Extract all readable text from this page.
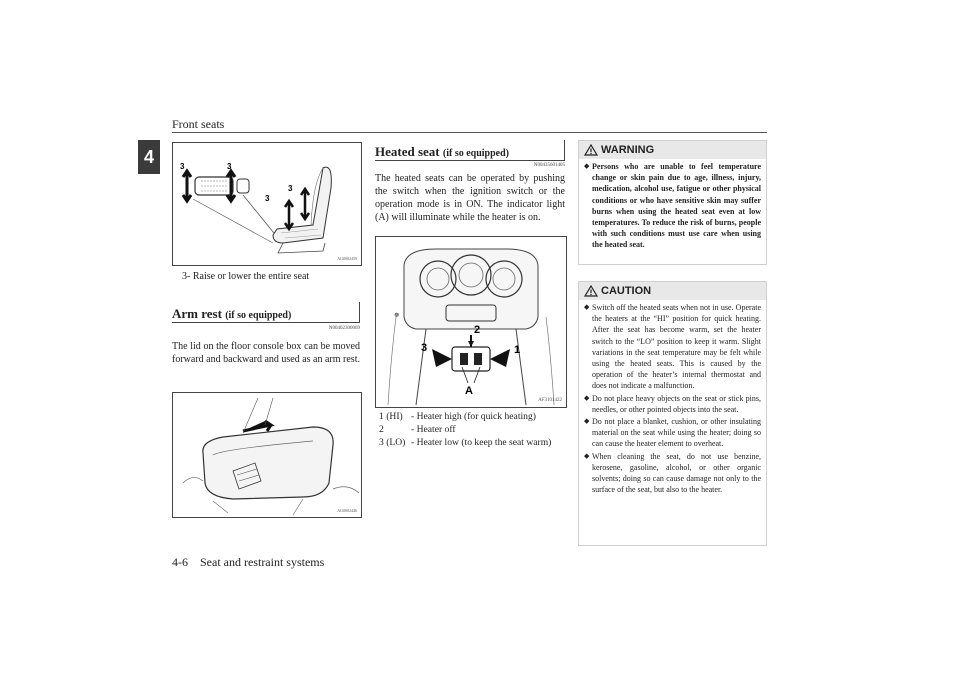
Front seats
4
4-6 Seat and restraint systems
3	3
3
3
AG0002459
3- Raise or lower the entire seat
Arm rest (if so equipped)
N00402300069
The lid on the floor console box can be moved forward and backward and used as an arm rest.
AG0002446
Heated seat (if so equipped)
N00435601405
The heated seats can be operated by pushing the switch when the ignition switch or the operation mode is in ON. The indicator light (A) will illuminate while the heater is on.
☸
2
1
3
A
AF3101422
1 (HI) - Heater high (for quick heating)
2	- Heater off
3 (LO) - Heater low (to keep the seat warm)
WARNING
◆ Persons who are unable to feel temperature change or skin pain due to age, illness, injury, medication, alcohol use, fatigue or other physical conditions or who have sensitive skin may suffer burns when using the heated seat even at low temperatures. To reduce the risk of burns, people with such conditions must use care when using the heated seat.
CAUTION
◆ Switch off the heated seats when not in use. Operate the heaters at the “HI” position for quick heating. After the seat has become warm, set the heater switch to the “LO” position to keep it warm. Slight variations in the seat temperature may be felt while using the heated seats. This is caused by the operation of the heater’s internal thermostat and does not indicate a malfunction.
◆ Do not place heavy objects on the seat or stick pins, needles, or other pointed objects into the seat.
◆ Do not place a blanket, cushion, or other insulating material on the seat while using the heater; doing so can cause the heater element to overheat.
◆ When cleaning the seat, do not use benzine, kerosene, gasoline, alcohol, or other organic solvents; doing so can cause damage not only to the surface of the seat, but also to the heater.
